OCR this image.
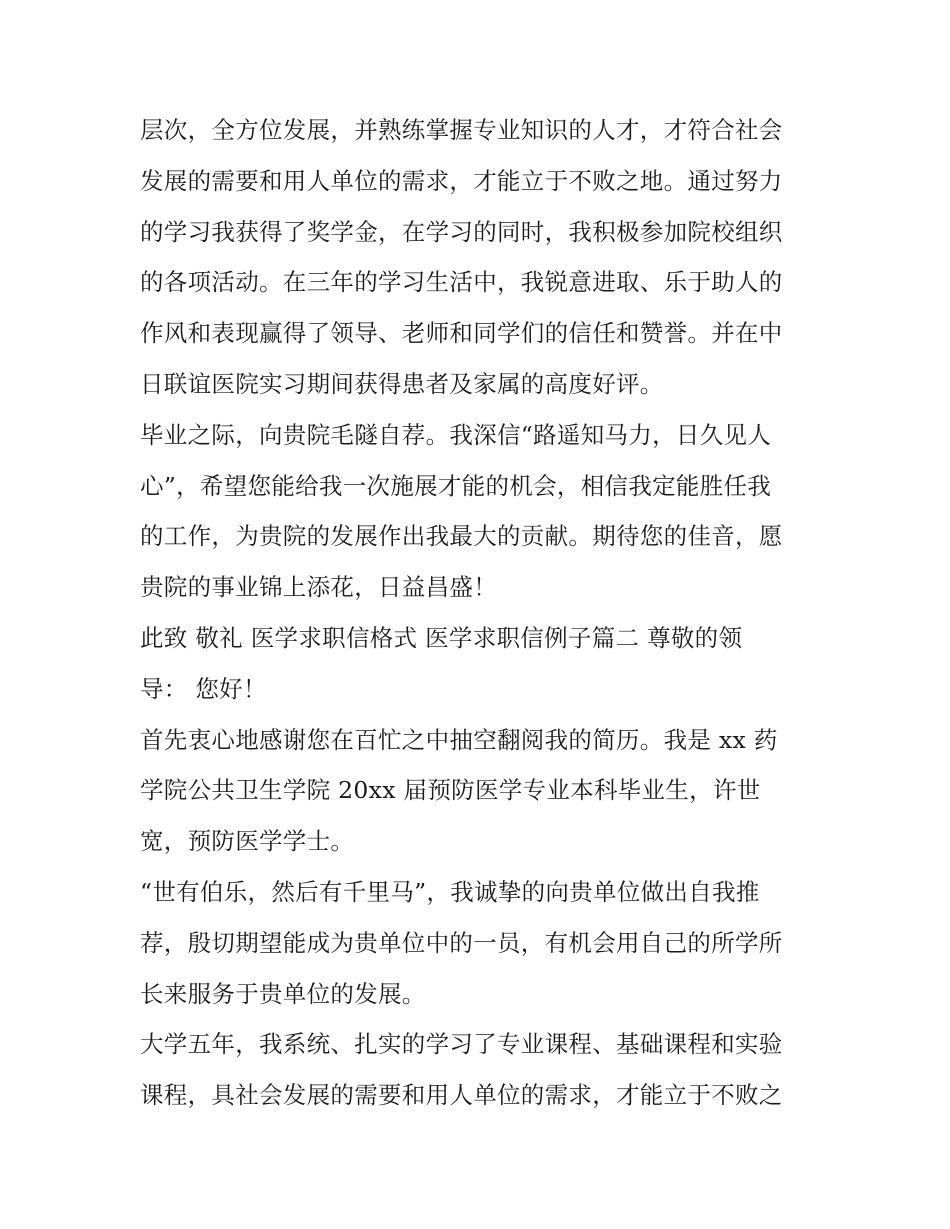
层次，全方位发展，并熟练掌握专业知识的人才，才符合社会
发展的需要和用人单位的需求，才能立于不败之地。通过努力
的学习我获得了奖学金，在学习的同时，我积极参加院校组织
的各项活动。在三年的学习生活中，我锐意进取、乐于助人的
作风和表现赢得了领导、老师和同学们的信任和赞誉。并在中
日联谊医院实习期间获得患者及家属的高度好评。
毕业之际，向贵院毛隧自荐。我深信“路遥知马力，日久见人
心”，希望您能给我一次施展才能的机会，相信我定能胜任我
的工作，为贵院的发展作出我最大的贡献。期待您的佳音，愿
贵院的事业锦上添花，日益昌盛！
此致 敬礼 医学求职信格式 医学求职信例子篇二 尊敬的领
导： 您好！
首先衷心地感谢您在百忙之中抽空翻阅我的简历。我是 xx 药
学院公共卫生学院 20xx 届预防医学专业本科毕业生，许世
宽，预防医学学士。
“世有伯乐，然后有千里马”，我诚挚的向贵单位做出自我推
荐，殷切期望能成为贵单位中的一员，有机会用自己的所学所
长来服务于贵单位的发展。
大学五年，我系统、扎实的学习了专业课程、基础课程和实验
课程，具社会发展的需要和用人单位的需求，才能立于不败之
